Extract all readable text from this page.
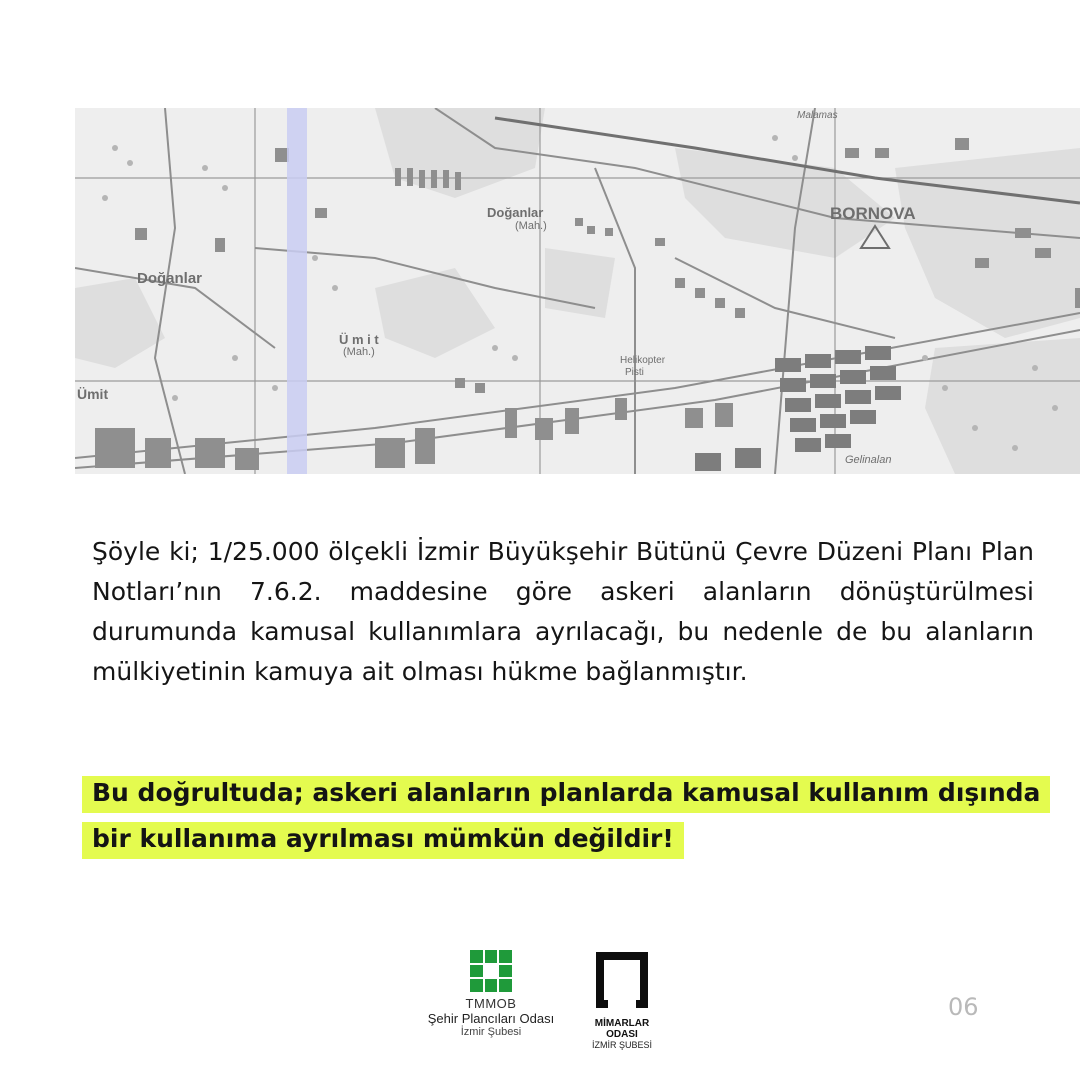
Doğanlar
Doğanlar
(Mah.)
BORNOVA
Ü m i t
(Mah.)
Ümit
Helikopter
Pisti
Gelinalan
Malamas

Şöyle ki; 1/25.000 ölçekli İzmir Büyükşehir Bütünü Çevre Düzeni Planı Plan Notları’nın 7.6.2. maddesine göre askeri alanların dönüştürülmesi durumunda kamusal kullanımlara ayrılacağı, bu nedenle de bu alanların mülkiyetinin kamuya ait olması hükme bağlanmıştır.

Bu doğrultuda; askeri alanların planlarda kamusal kullanım dışında bir kullanıma ayrılması mümkün değildir!
TMMOB
Şehir Plancıları Odası
İzmir Şubesi
MİMARLAR ODASI
İZMİR ŞUBESİ
06
